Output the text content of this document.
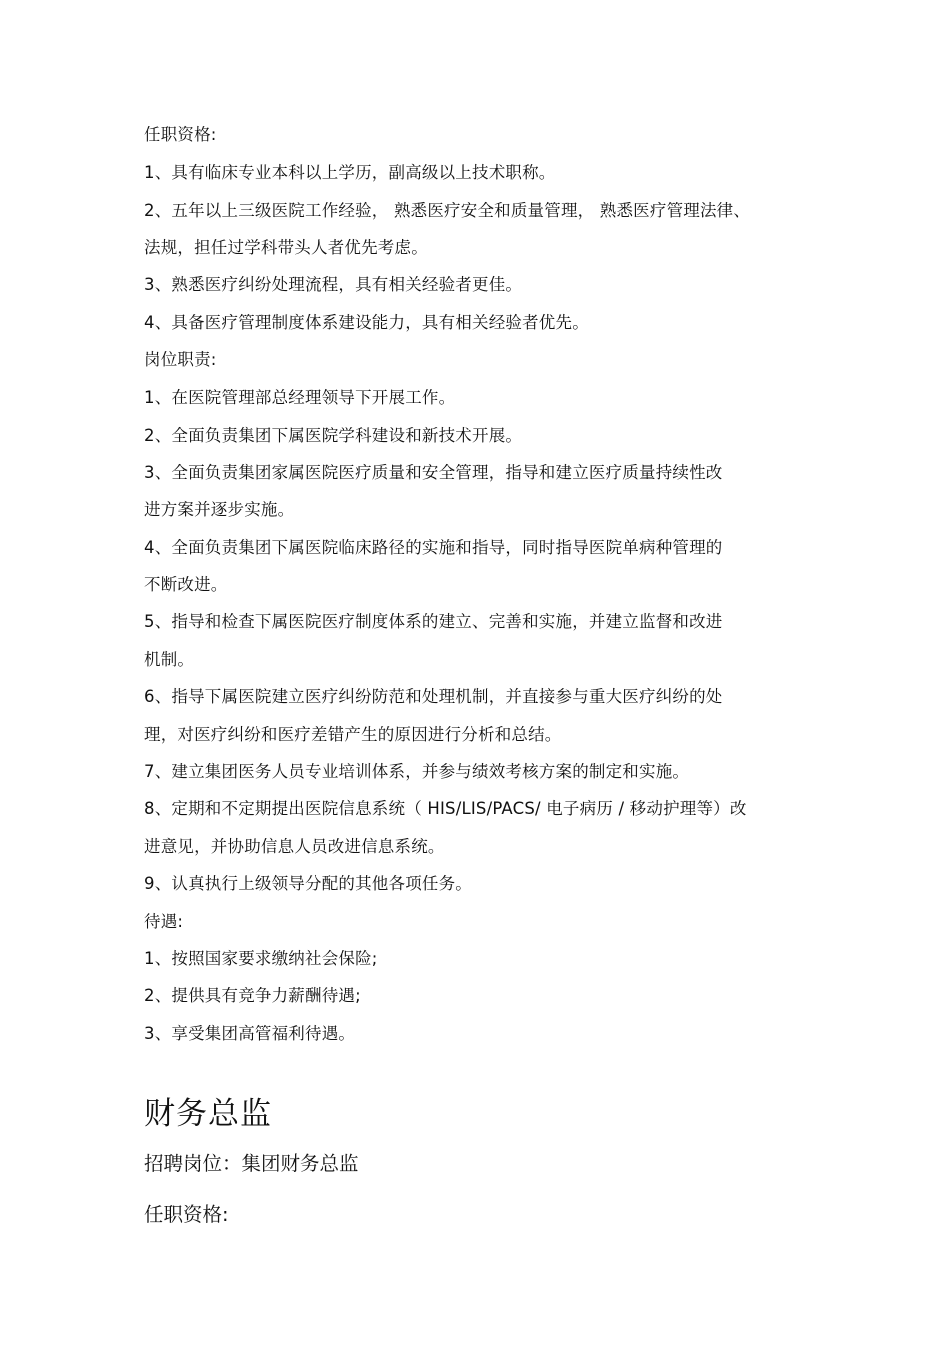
任职资格:
1、具有临床专业本科以上学历，副高级以上技术职称。
2、五年以上三级医院工作经验， 熟悉医疗安全和质量管理， 熟悉医疗管理法律、
法规，担任过学科带头人者优先考虑。
3、熟悉医疗纠纷处理流程，具有相关经验者更佳。
4、具备医疗管理制度体系建设能力，具有相关经验者优先。
岗位职责:
1、在医院管理部总经理领导下开展工作。
2、全面负责集团下属医院学科建设和新技术开展。
3、全面负责集团家属医院医疗质量和安全管理，指导和建立医疗质量持续性改
进方案并逐步实施。
4、全面负责集团下属医院临床路径的实施和指导，同时指导医院单病种管理的
不断改进。
5、指导和检查下属医院医疗制度体系的建立、完善和实施，并建立监督和改进
机制。
6、指导下属医院建立医疗纠纷防范和处理机制，并直接参与重大医疗纠纷的处
理，对医疗纠纷和医疗差错产生的原因进行分析和总结。
7、建立集团医务人员专业培训体系，并参与绩效考核方案的制定和实施。
8、定期和不定期提出医院信息系统（ HIS/LIS/PACS/ 电子病历 / 移动护理等）改
进意见，并协助信息人员改进信息系统。
9、认真执行上级领导分配的其他各项任务。
待遇:
1、按照国家要求缴纳社会保险;
2、提供具有竞争力薪酬待遇;
3、享受集团高管福利待遇。
财务总监
招聘岗位：集团财务总监
任职资格:
